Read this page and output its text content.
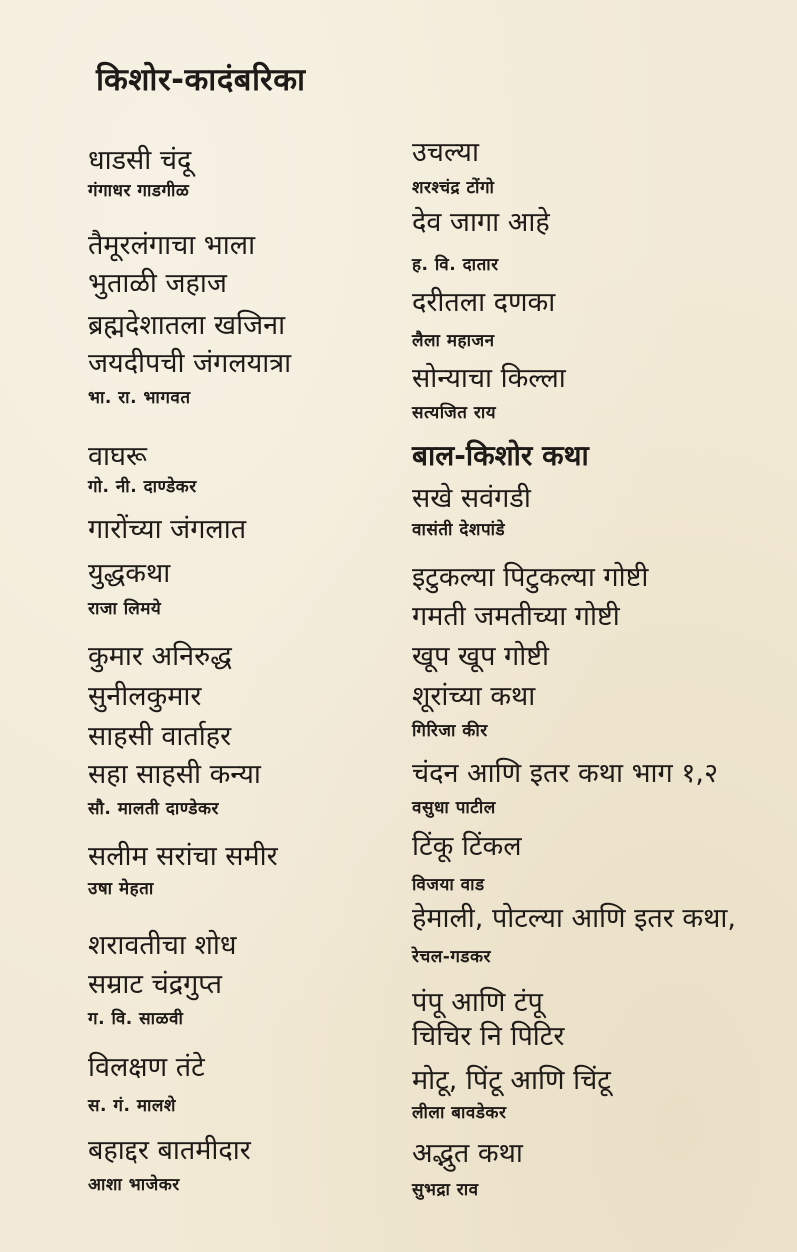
किशोर-कादंबरिका
धाडसी चंदू
गंगाधर गाडगीळ
तैमूरलंगाचा भाला
भुताळी जहाज
ब्रह्मदेशातला खजिना
जयदीपची जंगलयात्रा
भा. रा. भागवत
वाघरू
गो. नी. दाण्डेकर
गारोंच्या जंगलात
युद्धकथा
राजा लिमये
कुमार अनिरुद्ध
सुनीलकुमार
साहसी वार्ताहर
सहा साहसी कन्या
सौ. मालती दाण्डेकर
सलीम सरांचा समीर
उषा मेहता
शरावतीचा शोध
सम्राट चंद्रगुप्त
ग. वि. साळवी
विलक्षण तंटे
स. गं. मालशे
बहाद्दर बातमीदार
आशा भाजेकर
उचल्या
शरश्चंद्र टोंगो
देव जागा आहे
ह. वि. दातार
दरीतला दणका
लैला महाजन
सोन्याचा किल्ला
सत्यजित राय
बाल-किशोर कथा
सखे सवंगडी
वासंती देशपांडे
इटुकल्या पिटुकल्या गोष्टी
गमती जमतीच्या गोष्टी
खूप खूप गोष्टी
शूरांच्या कथा
गिरिजा कीर
चंदन आणि इतर कथा भाग १,२
वसुधा पाटील
टिंकू टिंकल
विजया वाड
हेमाली, पोटल्या आणि इतर कथा,
रेचल-गडकर
पंपू आणि टंपू
चिचिर नि पिटिर
मोटू, पिंटू आणि चिंटू
लीला बावडेकर
अद्भुत कथा
सुभद्रा राव
